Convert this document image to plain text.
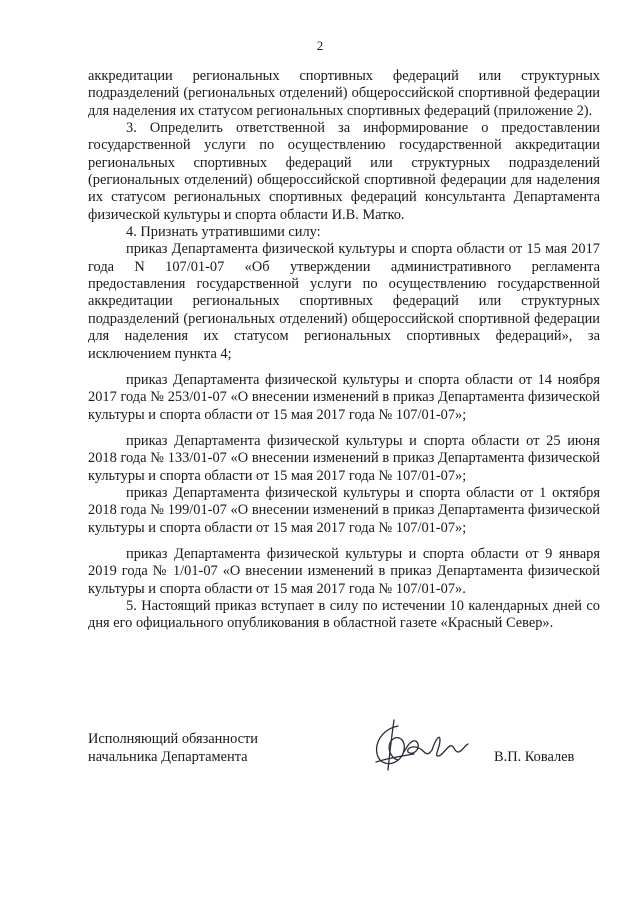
2

аккредитации региональных спортивных федераций или структурных подразделений (региональных отделений) общероссийской спортивной федерации для наделения их статусом региональных спортивных федераций (приложение 2).

3. Определить ответственной за информирование о предоставлении государственной услуги по осуществлению государственной аккредитации региональных спортивных федераций или структурных подразделений (региональных отделений) общероссийской спортивной федерации для наделения их статусом региональных спортивных федераций консультанта Департамента физической культуры и спорта области И.В. Матко.

4. Признать утратившими силу:

приказ Департамента физической культуры и спорта области от 15 мая 2017 года N 107/01-07 «Об утверждении административного регламента предоставления государственной услуги по осуществлению государственной аккредитации региональных спортивных федераций или структурных подразделений (региональных отделений) общероссийской спортивной федерации для наделения их статусом региональных спортивных федераций», за исключением пункта 4;

приказ Департамента физической культуры и спорта области от 14 ноября 2017 года № 253/01-07 «О внесении изменений в приказ Департамента физической культуры и спорта области от 15 мая 2017 года № 107/01-07»;

приказ Департамента физической культуры и спорта области от 25 июня 2018 года № 133/01-07 «О внесении изменений в приказ Департамента физической культуры и спорта области от 15 мая 2017 года № 107/01-07»;

приказ Департамента физической культуры и спорта области от 1 октября 2018 года № 199/01-07 «О внесении изменений в приказ Департамента физической культуры и спорта области от 15 мая 2017 года № 107/01-07»;

приказ Департамента физической культуры и спорта области от 9 января 2019 года № 1/01-07 «О внесении изменений в приказ Департамента физической культуры и спорта области от 15 мая 2017 года № 107/01-07».

5. Настоящий приказ вступает в силу по истечении 10 календарных дней со дня его официального опубликования в областной газете «Красный Север».

Исполняющий обязанности
начальника Департамента	В.П. Ковалев
